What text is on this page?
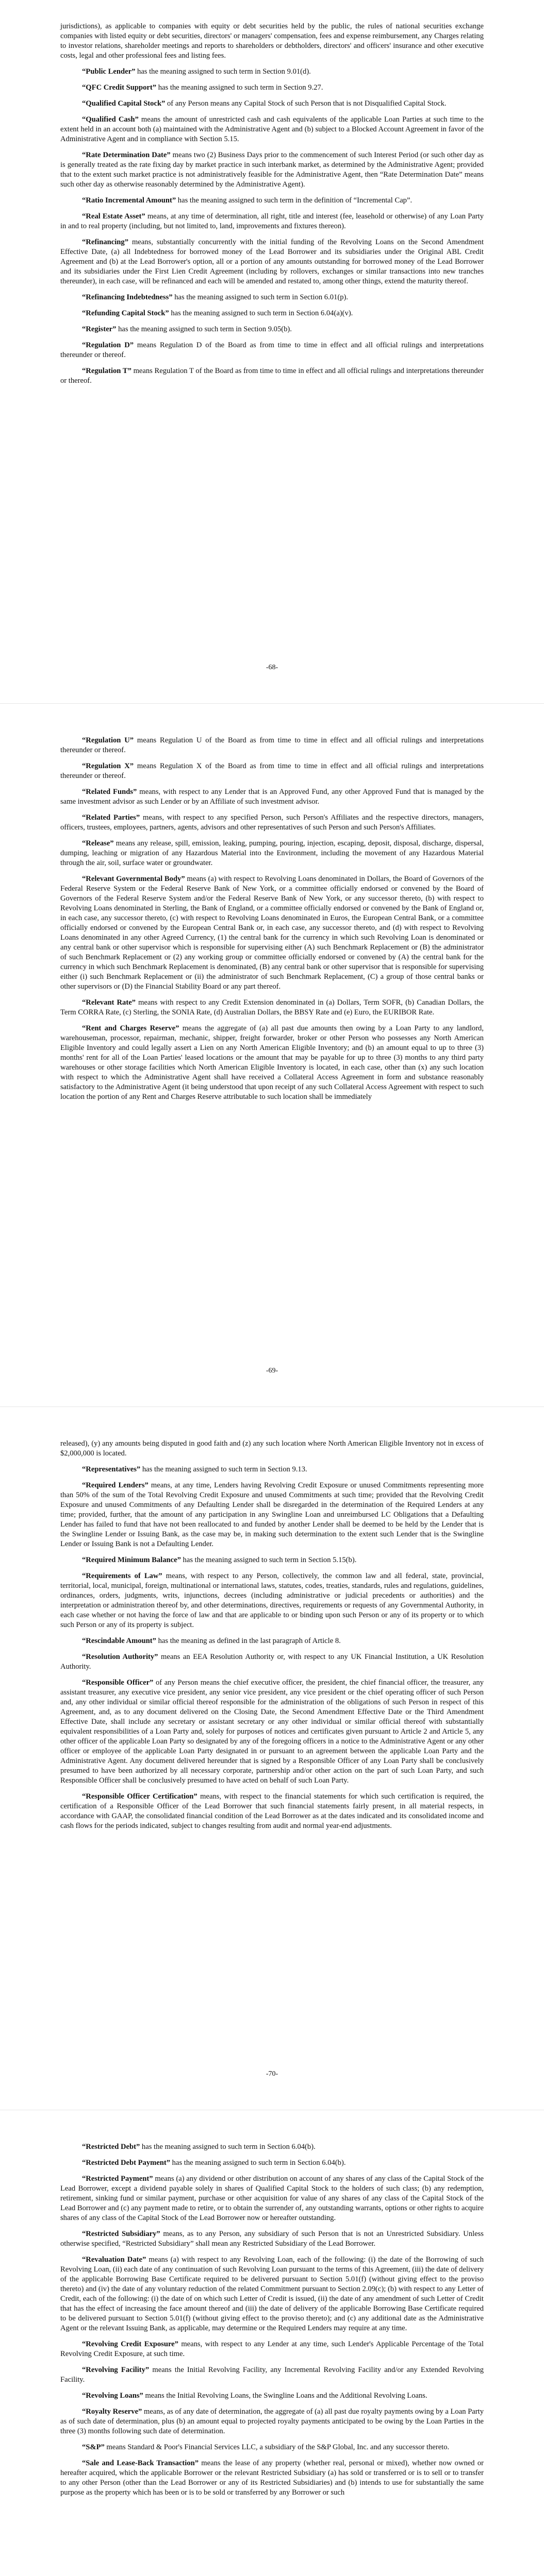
jurisdictions), as applicable to companies with equity or debt securities held by the public, the rules of national securities exchange companies with listed equity or debt securities, directors' or managers' compensation, fees and expense reimbursement, any Charges relating to investor relations, shareholder meetings and reports to shareholders or debtholders, directors' and officers' insurance and other executive costs, legal and other professional fees and listing fees.

“Public Lender” has the meaning assigned to such term in Section 9.01(d).

“QFC Credit Support” has the meaning assigned to such term in Section 9.27.

“Qualified Capital Stock” of any Person means any Capital Stock of such Person that is not Disqualified Capital Stock.

“Qualified Cash” means the amount of unrestricted cash and cash equivalents of the applicable Loan Parties at such time to the extent held in an account both (a) maintained with the Administrative Agent and (b) subject to a Blocked Account Agreement in favor of the Administrative Agent and in compliance with Section 5.15.

“Rate Determination Date” means two (2) Business Days prior to the commencement of such Interest Period (or such other day as is generally treated as the rate fixing day by market practice in such interbank market, as determined by the Administrative Agent; provided that to the extent such market practice is not administratively feasible for the Administrative Agent, then “Rate Determination Date” means such other day as otherwise reasonably determined by the Administrative Agent).

“Ratio Incremental Amount” has the meaning assigned to such term in the definition of “Incremental Cap”.

“Real Estate Asset” means, at any time of determination, all right, title and interest (fee, leasehold or otherwise) of any Loan Party in and to real property (including, but not limited to, land, improvements and fixtures thereon).

“Refinancing” means, substantially concurrently with the initial funding of the Revolving Loans on the Second Amendment Effective Date, (a) all Indebtedness for borrowed money of the Lead Borrower and its subsidiaries under the Original ABL Credit Agreement and (b) at the Lead Borrower's option, all or a portion of any amounts outstanding for borrowed money of the Lead Borrower and its subsidiaries under the First Lien Credit Agreement (including by rollovers, exchanges or similar transactions into new tranches thereunder), in each case, will be refinanced and each will be amended and restated to, among other things, extend the maturity thereof.

“Refinancing Indebtedness” has the meaning assigned to such term in Section 6.01(p).

“Refunding Capital Stock” has the meaning assigned to such term in Section 6.04(a)(v).

“Register” has the meaning assigned to such term in Section 9.05(b).

“Regulation D” means Regulation D of the Board as from time to time in effect and all official rulings and interpretations thereunder or thereof.

“Regulation T” means Regulation T of the Board as from time to time in effect and all official rulings and interpretations thereunder or thereof.

-68-

“Regulation U” means Regulation U of the Board as from time to time in effect and all official rulings and interpretations thereunder or thereof.

“Regulation X” means Regulation X of the Board as from time to time in effect and all official rulings and interpretations thereunder or thereof.

“Related Funds” means, with respect to any Lender that is an Approved Fund, any other Approved Fund that is managed by the same investment advisor as such Lender or by an Affiliate of such investment advisor.

“Related Parties” means, with respect to any specified Person, such Person's Affiliates and the respective directors, managers, officers, trustees, employees, partners, agents, advisors and other representatives of such Person and such Person's Affiliates.

“Release” means any release, spill, emission, leaking, pumping, pouring, injection, escaping, deposit, disposal, discharge, dispersal, dumping, leaching or migration of any Hazardous Material into the Environment, including the movement of any Hazardous Material through the air, soil, surface water or groundwater.

“Relevant Governmental Body” means (a) with respect to Revolving Loans denominated in Dollars, the Board of Governors of the Federal Reserve System or the Federal Reserve Bank of New York, or a committee officially endorsed or convened by the Board of Governors of the Federal Reserve System and/or the Federal Reserve Bank of New York, or any successor thereto, (b) with respect to Revolving Loans denominated in Sterling, the Bank of England, or a committee officially endorsed or convened by the Bank of England or, in each case, any successor thereto, (c) with respect to Revolving Loans denominated in Euros, the European Central Bank, or a committee officially endorsed or convened by the European Central Bank or, in each case, any successor thereto, and (d) with respect to Revolving Loans denominated in any other Agreed Currency, (1) the central bank for the currency in which such Revolving Loan is denominated or any central bank or other supervisor which is responsible for supervising either (A) such Benchmark Replacement or (B) the administrator of such Benchmark Replacement or (2) any working group or committee officially endorsed or convened by (A) the central bank for the currency in which such Benchmark Replacement is denominated, (B) any central bank or other supervisor that is responsible for supervising either (i) such Benchmark Replacement or (ii) the administrator of such Benchmark Replacement, (C) a group of those central banks or other supervisors or (D) the Financial Stability Board or any part thereof.

“Relevant Rate” means with respect to any Credit Extension denominated in (a) Dollars, Term SOFR, (b) Canadian Dollars, the Term CORRA Rate, (c) Sterling, the SONIA Rate, (d) Australian Dollars, the BBSY Rate and (e) Euro, the EURIBOR Rate.

“Rent and Charges Reserve” means the aggregate of (a) all past due amounts then owing by a Loan Party to any landlord, warehouseman, processor, repairman, mechanic, shipper, freight forwarder, broker or other Person who possesses any North American Eligible Inventory and could legally assert a Lien on any North American Eligible Inventory; and (b) an amount equal to up to three (3) months' rent for all of the Loan Parties' leased locations or the amount that may be payable for up to three (3) months to any third party warehouses or other storage facilities which North American Eligible Inventory is located, in each case, other than (x) any such location with respect to which the Administrative Agent shall have received a Collateral Access Agreement in form and substance reasonably satisfactory to the Administrative Agent (it being understood that upon receipt of any such Collateral Access Agreement with respect to such location the portion of any Rent and Charges Reserve attributable to such location shall be immediately

-69-

released), (y) any amounts being disputed in good faith and (z) any such location where North American Eligible Inventory not in excess of $2,000,000 is located.

“Representatives” has the meaning assigned to such term in Section 9.13.

“Required Lenders” means, at any time, Lenders having Revolving Credit Exposure or unused Commitments representing more than 50% of the sum of the Total Revolving Credit Exposure and unused Commitments at such time; provided that the Revolving Credit Exposure and unused Commitments of any Defaulting Lender shall be disregarded in the determination of the Required Lenders at any time; provided, further, that the amount of any participation in any Swingline Loan and unreimbursed LC Obligations that a Defaulting Lender has failed to fund that have not been reallocated to and funded by another Lender shall be deemed to be held by the Lender that is the Swingline Lender or Issuing Bank, as the case may be, in making such determination to the extent such Lender that is the Swingline Lender or Issuing Bank is not a Defaulting Lender.

“Required Minimum Balance” has the meaning assigned to such term in Section 5.15(b).

“Requirements of Law” means, with respect to any Person, collectively, the common law and all federal, state, provincial, territorial, local, municipal, foreign, multinational or international laws, statutes, codes, treaties, standards, rules and regulations, guidelines, ordinances, orders, judgments, writs, injunctions, decrees (including administrative or judicial precedents or authorities) and the interpretation or administration thereof by, and other determinations, directives, requirements or requests of any Governmental Authority, in each case whether or not having the force of law and that are applicable to or binding upon such Person or any of its property or to which such Person or any of its property is subject.

“Rescindable Amount” has the meaning as defined in the last paragraph of Article 8.

“Resolution Authority” means an EEA Resolution Authority or, with respect to any UK Financial Institution, a UK Resolution Authority.

“Responsible Officer” of any Person means the chief executive officer, the president, the chief financial officer, the treasurer, any assistant treasurer, any executive vice president, any senior vice president, any vice president or the chief operating officer of such Person and, any other individual or similar official thereof responsible for the administration of the obligations of such Person in respect of this Agreement, and, as to any document delivered on the Closing Date, the Second Amendment Effective Date or the Third Amendment Effective Date, shall include any secretary or assistant secretary or any other individual or similar official thereof with substantially equivalent responsibilities of a Loan Party and, solely for purposes of notices and certificates given pursuant to Article 2 and Article 5, any other officer of the applicable Loan Party so designated by any of the foregoing officers in a notice to the Administrative Agent or any other officer or employee of the applicable Loan Party designated in or pursuant to an agreement between the applicable Loan Party and the Administrative Agent. Any document delivered hereunder that is signed by a Responsible Officer of any Loan Party shall be conclusively presumed to have been authorized by all necessary corporate, partnership and/or other action on the part of such Loan Party, and such Responsible Officer shall be conclusively presumed to have acted on behalf of such Loan Party.

“Responsible Officer Certification” means, with respect to the financial statements for which such certification is required, the certification of a Responsible Officer of the Lead Borrower that such financial statements fairly present, in all material respects, in accordance with GAAP, the consolidated financial condition of the Lead Borrower as at the dates indicated and its consolidated income and cash flows for the periods indicated, subject to changes resulting from audit and normal year-end adjustments.

-70-

“Restricted Debt” has the meaning assigned to such term in Section 6.04(b).

“Restricted Debt Payment” has the meaning assigned to such term in Section 6.04(b).

“Restricted Payment” means (a) any dividend or other distribution on account of any shares of any class of the Capital Stock of the Lead Borrower, except a dividend payable solely in shares of Qualified Capital Stock to the holders of such class; (b) any redemption, retirement, sinking fund or similar payment, purchase or other acquisition for value of any shares of any class of the Capital Stock of the Lead Borrower and (c) any payment made to retire, or to obtain the surrender of, any outstanding warrants, options or other rights to acquire shares of any class of the Capital Stock of the Lead Borrower now or hereafter outstanding.

“Restricted Subsidiary” means, as to any Person, any subsidiary of such Person that is not an Unrestricted Subsidiary. Unless otherwise specified, “Restricted Subsidiary” shall mean any Restricted Subsidiary of the Lead Borrower.

“Revaluation Date” means (a) with respect to any Revolving Loan, each of the following: (i) the date of the Borrowing of such Revolving Loan, (ii) each date of any continuation of such Revolving Loan pursuant to the terms of this Agreement, (iii) the date of delivery of the applicable Borrowing Base Certificate required to be delivered pursuant to Section 5.01(f) (without giving effect to the proviso thereto) and (iv) the date of any voluntary reduction of the related Commitment pursuant to Section 2.09(c); (b) with respect to any Letter of Credit, each of the following: (i) the date of on which such Letter of Credit is issued, (ii) the date of any amendment of such Letter of Credit that has the effect of increasing the face amount thereof and (iii) the date of delivery of the applicable Borrowing Base Certificate required to be delivered pursuant to Section 5.01(f) (without giving effect to the proviso thereto); and (c) any additional date as the Administrative Agent or the relevant Issuing Bank, as applicable, may determine or the Required Lenders may require at any time.

“Revolving Credit Exposure” means, with respect to any Lender at any time, such Lender's Applicable Percentage of the Total Revolving Credit Exposure, at such time.

“Revolving Facility” means the Initial Revolving Facility, any Incremental Revolving Facility and/or any Extended Revolving Facility.

“Revolving Loans” means the Initial Revolving Loans, the Swingline Loans and the Additional Revolving Loans.

“Royalty Reserve” means, as of any date of determination, the aggregate of (a) all past due royalty payments owing by a Loan Party as of such date of determination, plus (b) an amount equal to projected royalty payments anticipated to be owing by the Loan Parties in the three (3) months following such date of determination.

“S&P” means Standard & Poor's Financial Services LLC, a subsidiary of the S&P Global, Inc. and any successor thereto.

“Sale and Lease-Back Transaction” means the lease of any property (whether real, personal or mixed), whether now owned or hereafter acquired, which the applicable Borrower or the relevant Restricted Subsidiary (a) has sold or transferred or is to sell or to transfer to any other Person (other than the Lead Borrower or any of its Restricted Subsidiaries) and (b) intends to use for substantially the same purpose as the property which has been or is to be sold or transferred by any Borrower or such
